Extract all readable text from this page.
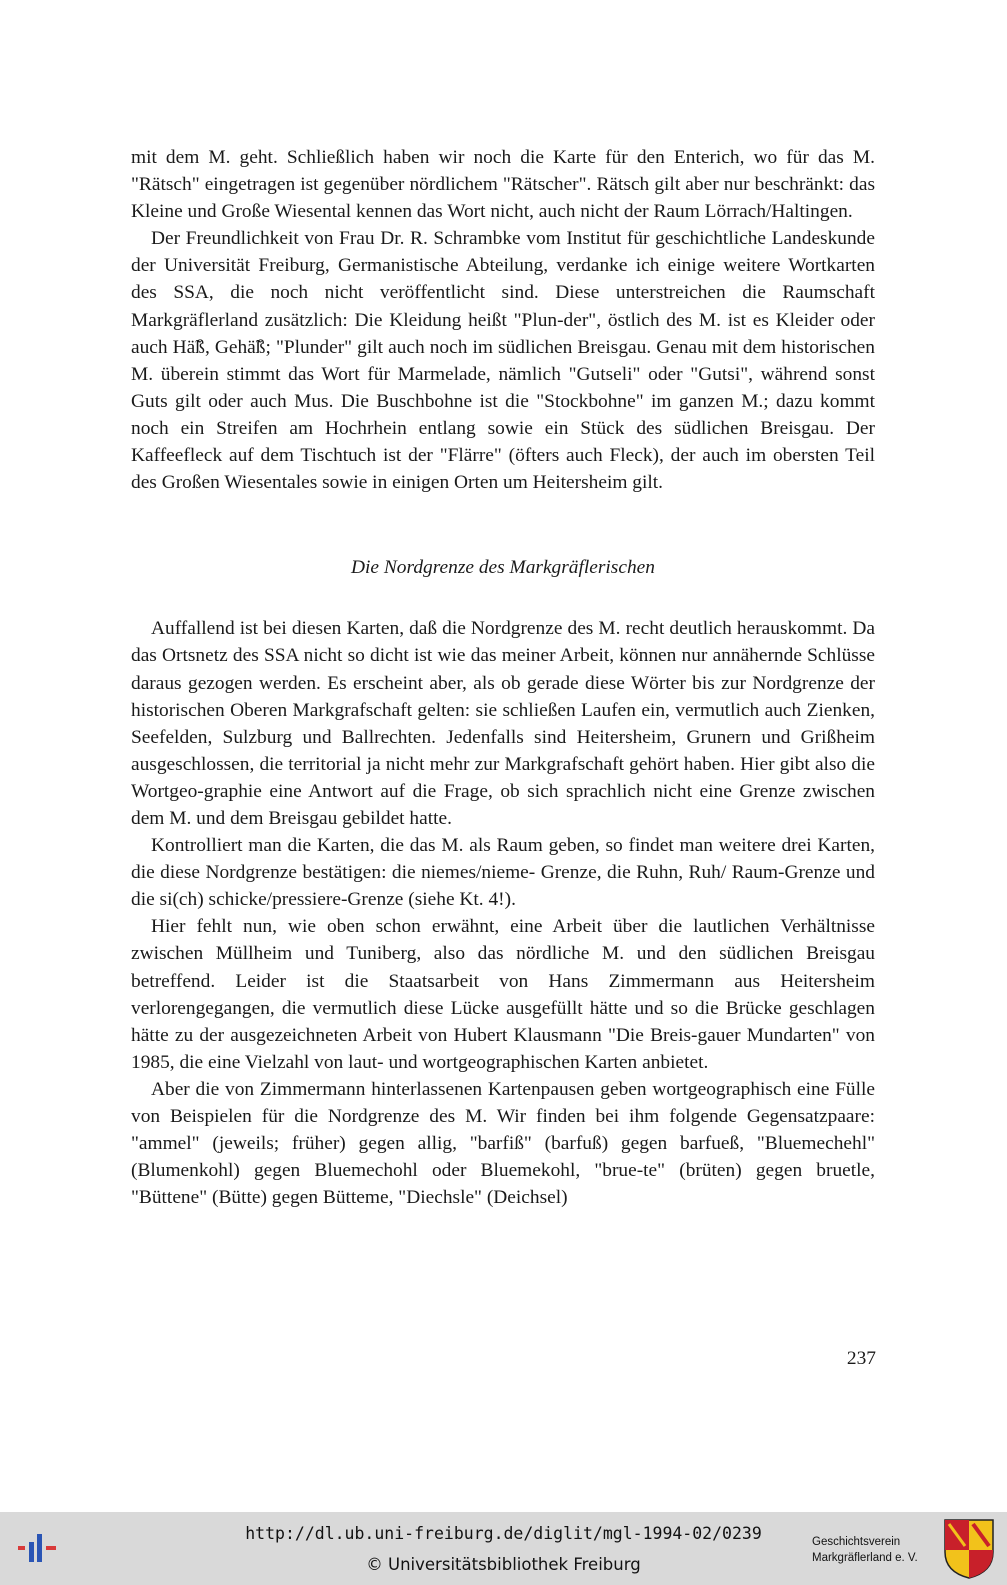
mit dem M. geht. Schließlich haben wir noch die Karte für den Enterich, wo für das M. "Rätsch" eingetragen ist gegenüber nördlichem "Rätscher". Rätsch gilt aber nur beschränkt: das Kleine und Große Wiesental kennen das Wort nicht, auch nicht der Raum Lörrach/Haltingen.

Der Freundlichkeit von Frau Dr. R. Schrambke vom Institut für geschichtliche Landeskunde der Universität Freiburg, Germanistische Abteilung, verdanke ich einige weitere Wortkarten des SSA, die noch nicht veröffentlicht sind. Diese unterstreichen die Raumschaft Markgräflerland zusätzlich: Die Kleidung heißt "Plun-der", östlich des M. ist es Kleider oder auch Hä̃ß, Gehä̃ß; "Plunder" gilt auch noch im südlichen Breisgau. Genau mit dem historischen M. überein stimmt das Wort für Marmelade, nämlich "Gutseli" oder "Gutsi", während sonst Guts gilt oder auch Mus. Die Buschbohne ist die "Stockbohne" im ganzen M.; dazu kommt noch ein Streifen am Hochrhein entlang sowie ein Stück des südlichen Breisgau. Der Kaffeefleck auf dem Tischtuch ist der "Flärre" (öfters auch Fleck), der auch im obersten Teil des Großen Wiesentales sowie in einigen Orten um Heitersheim gilt.

Die Nordgrenze des Markgräflerischen

Auffallend ist bei diesen Karten, daß die Nordgrenze des M. recht deutlich herauskommt. Da das Ortsnetz des SSA nicht so dicht ist wie das meiner Arbeit, können nur annähernde Schlüsse daraus gezogen werden. Es erscheint aber, als ob gerade diese Wörter bis zur Nordgrenze der historischen Oberen Markgrafschaft gelten: sie schließen Laufen ein, vermutlich auch Zienken, Seefelden, Sulzburg und Ballrechten. Jedenfalls sind Heitersheim, Grunern und Grißheim ausgeschlossen, die territorial ja nicht mehr zur Markgrafschaft gehört haben. Hier gibt also die Wortgeo-graphie eine Antwort auf die Frage, ob sich sprachlich nicht eine Grenze zwischen dem M. und dem Breisgau gebildet hatte.

Kontrolliert man die Karten, die das M. als Raum geben, so findet man weitere drei Karten, die diese Nordgrenze bestätigen: die niemes/nieme- Grenze, die Ruhn, Ruh/ Raum-Grenze und die si(ch) schicke/pressiere-Grenze (siehe Kt. 4!).

Hier fehlt nun, wie oben schon erwähnt, eine Arbeit über die lautlichen Verhältnisse zwischen Müllheim und Tuniberg, also das nördliche M. und den südlichen Breisgau betreffend. Leider ist die Staatsarbeit von Hans Zimmermann aus Heitersheim verlorengegangen, die vermutlich diese Lücke ausgefüllt hätte und so die Brücke geschlagen hätte zu der ausgezeichneten Arbeit von Hubert Klausmann "Die Breis-gauer Mundarten" von 1985, die eine Vielzahl von laut- und wortgeographischen Karten anbietet.

Aber die von Zimmermann hinterlassenen Kartenpausen geben wortgeographisch eine Fülle von Beispielen für die Nordgrenze des M. Wir finden bei ihm folgende Gegensatzpaare: "ammel" (jeweils; früher) gegen allig, "barfiß" (barfuß) gegen barfueß, "Bluemechehl" (Blumenkohl) gegen Bluemechohl oder Bluemekohl, "brue-te" (brüten) gegen bruetle, "Büttene" (Bütte) gegen Bütteme, "Diechsle" (Deichsel)

237
http://dl.ub.uni-freiburg.de/diglit/mgl-1994-02/0239
© Universitätsbibliothek Freiburg
Geschichtsverein
Markgräflerland e. V.
